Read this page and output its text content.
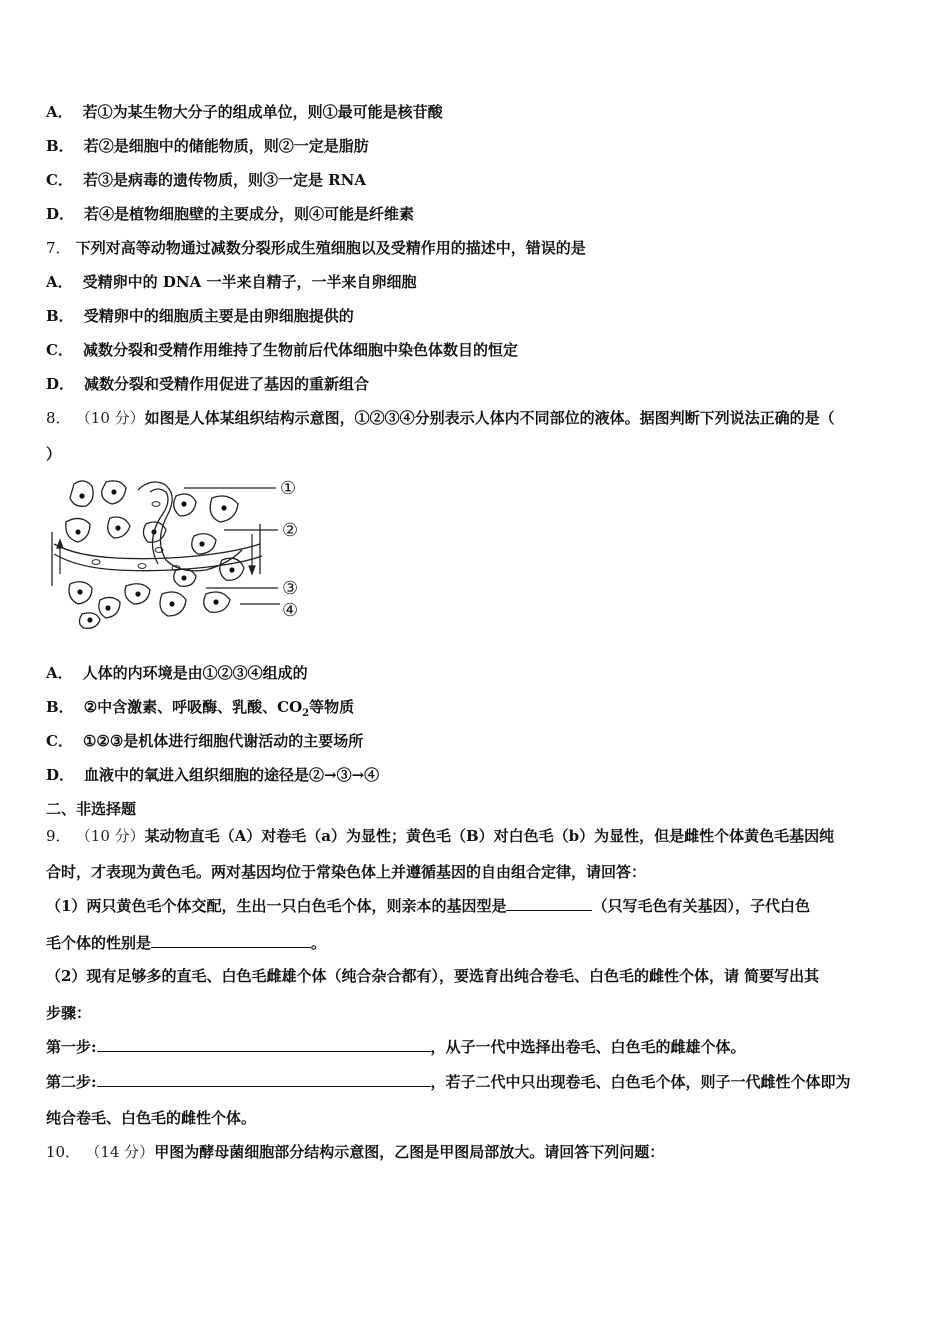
A． 若①为某生物大分子的组成单位，则①最可能是核苷酸
B． 若②是细胞中的储能物质，则②一定是脂肪
C． 若③是病毒的遗传物质，则③一定是 RNA
D． 若④是植物细胞壁的主要成分，则④可能是纤维素
7． 下列对高等动物通过减数分裂形成生殖细胞以及受精作用的描述中，错误的是
A． 受精卵中的 DNA 一半来自精子，一半来自卵细胞
B． 受精卵中的细胞质主要是由卵细胞提供的
C． 减数分裂和受精作用维持了生物前后代体细胞中染色体数目的恒定
D． 减数分裂和受精作用促进了基因的重新组合
8． （10 分）如图是人体某组织结构示意图，①②③④分别表示人体内不同部位的液体。据图判断下列说法正确的是（
）
①
②
③
④
A． 人体的内环境是由①②③④组成的
B． ②中含激素、呼吸酶、乳酸、$CO_2$等物质
C． ①②③是机体进行细胞代谢活动的主要场所
D． 血液中的氧进入组织细胞的途径是②→③→④
二、非选择题
9． （10 分）某动物直毛（A）对卷毛（a）为显性；黄色毛（B）对白色毛（b）为显性，但是雌性个体黄色毛基因纯
合时，才表现为黄色毛。两对基因均位于常染色体上并遵循基因的自由组合定律，请回答：
（1）两只黄色毛个体交配，生出一只白色毛个体，则亲本的基因型是	（只写毛色有关基因），子代白色
毛个体的性别是	。
（2）现有足够多的直毛、白色毛雌雄个体（纯合杂合都有），要选育出纯合卷毛、白色毛的雌性个体，请 简要写出其
步骤：
第一步:	，从子一代中选择出卷毛、白色毛的雌雄个体。
第二步:	，若子二代中只出现卷毛、白色毛个体，则子一代雌性个体即为
纯合卷毛、白色毛的雌性个体。
10． （14 分）甲图为酵母菌细胞部分结构示意图，乙图是甲图局部放大。请回答下列问题：
